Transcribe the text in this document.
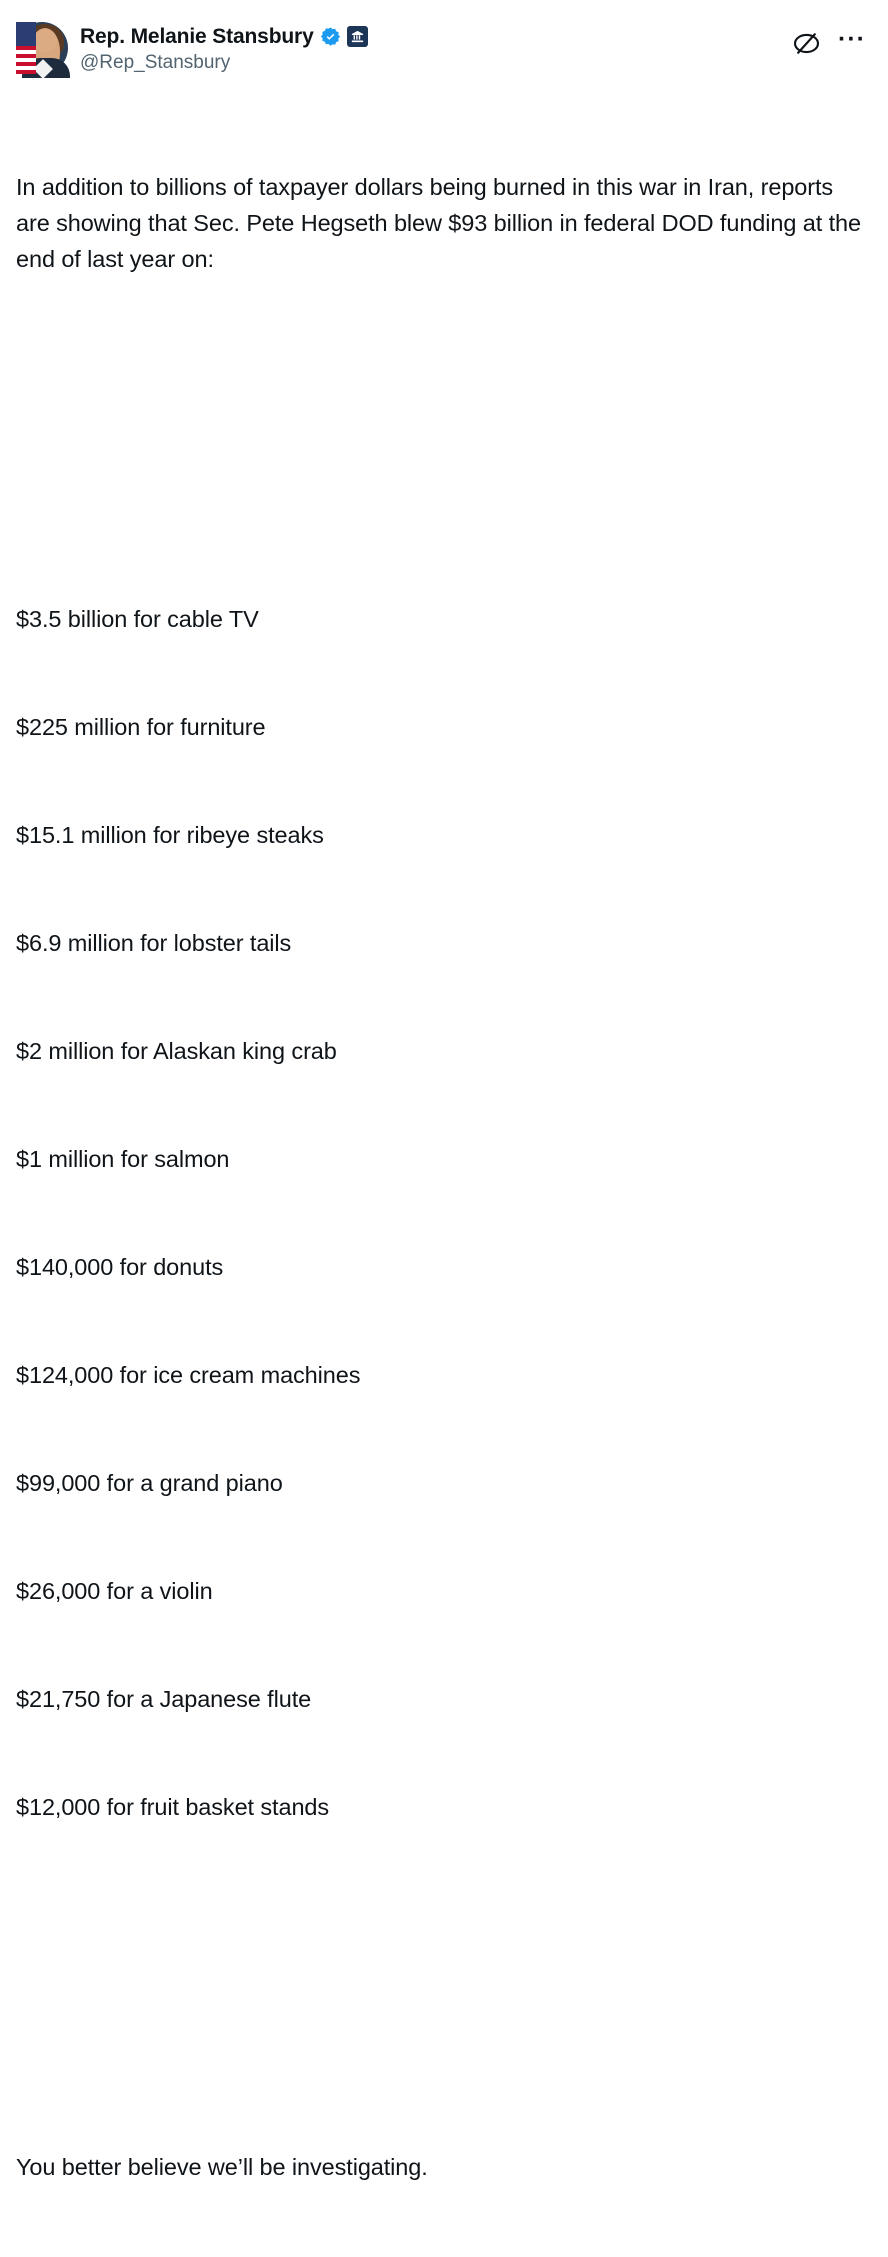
Rep. Melanie Stansbury
@Rep_Stansbury
···

In addition to billions of taxpayer dollars being burned in this war in Iran, reports are showing that Sec. Pete Hegseth blew $93 billion in federal DOD funding at the end of last year on:

$3.5 billion for cable TV

$225 million for furniture

$15.1 million for ribeye steaks

$6.9 million for lobster tails

$2 million for Alaskan king crab

$1 million for salmon

$140,000 for donuts

$124,000 for ice cream machines

$99,000 for a grand piano

$26,000 for a violin

$21,750 for a Japanese flute

$12,000 for fruit basket stands

You better believe we’ll be investigating.
